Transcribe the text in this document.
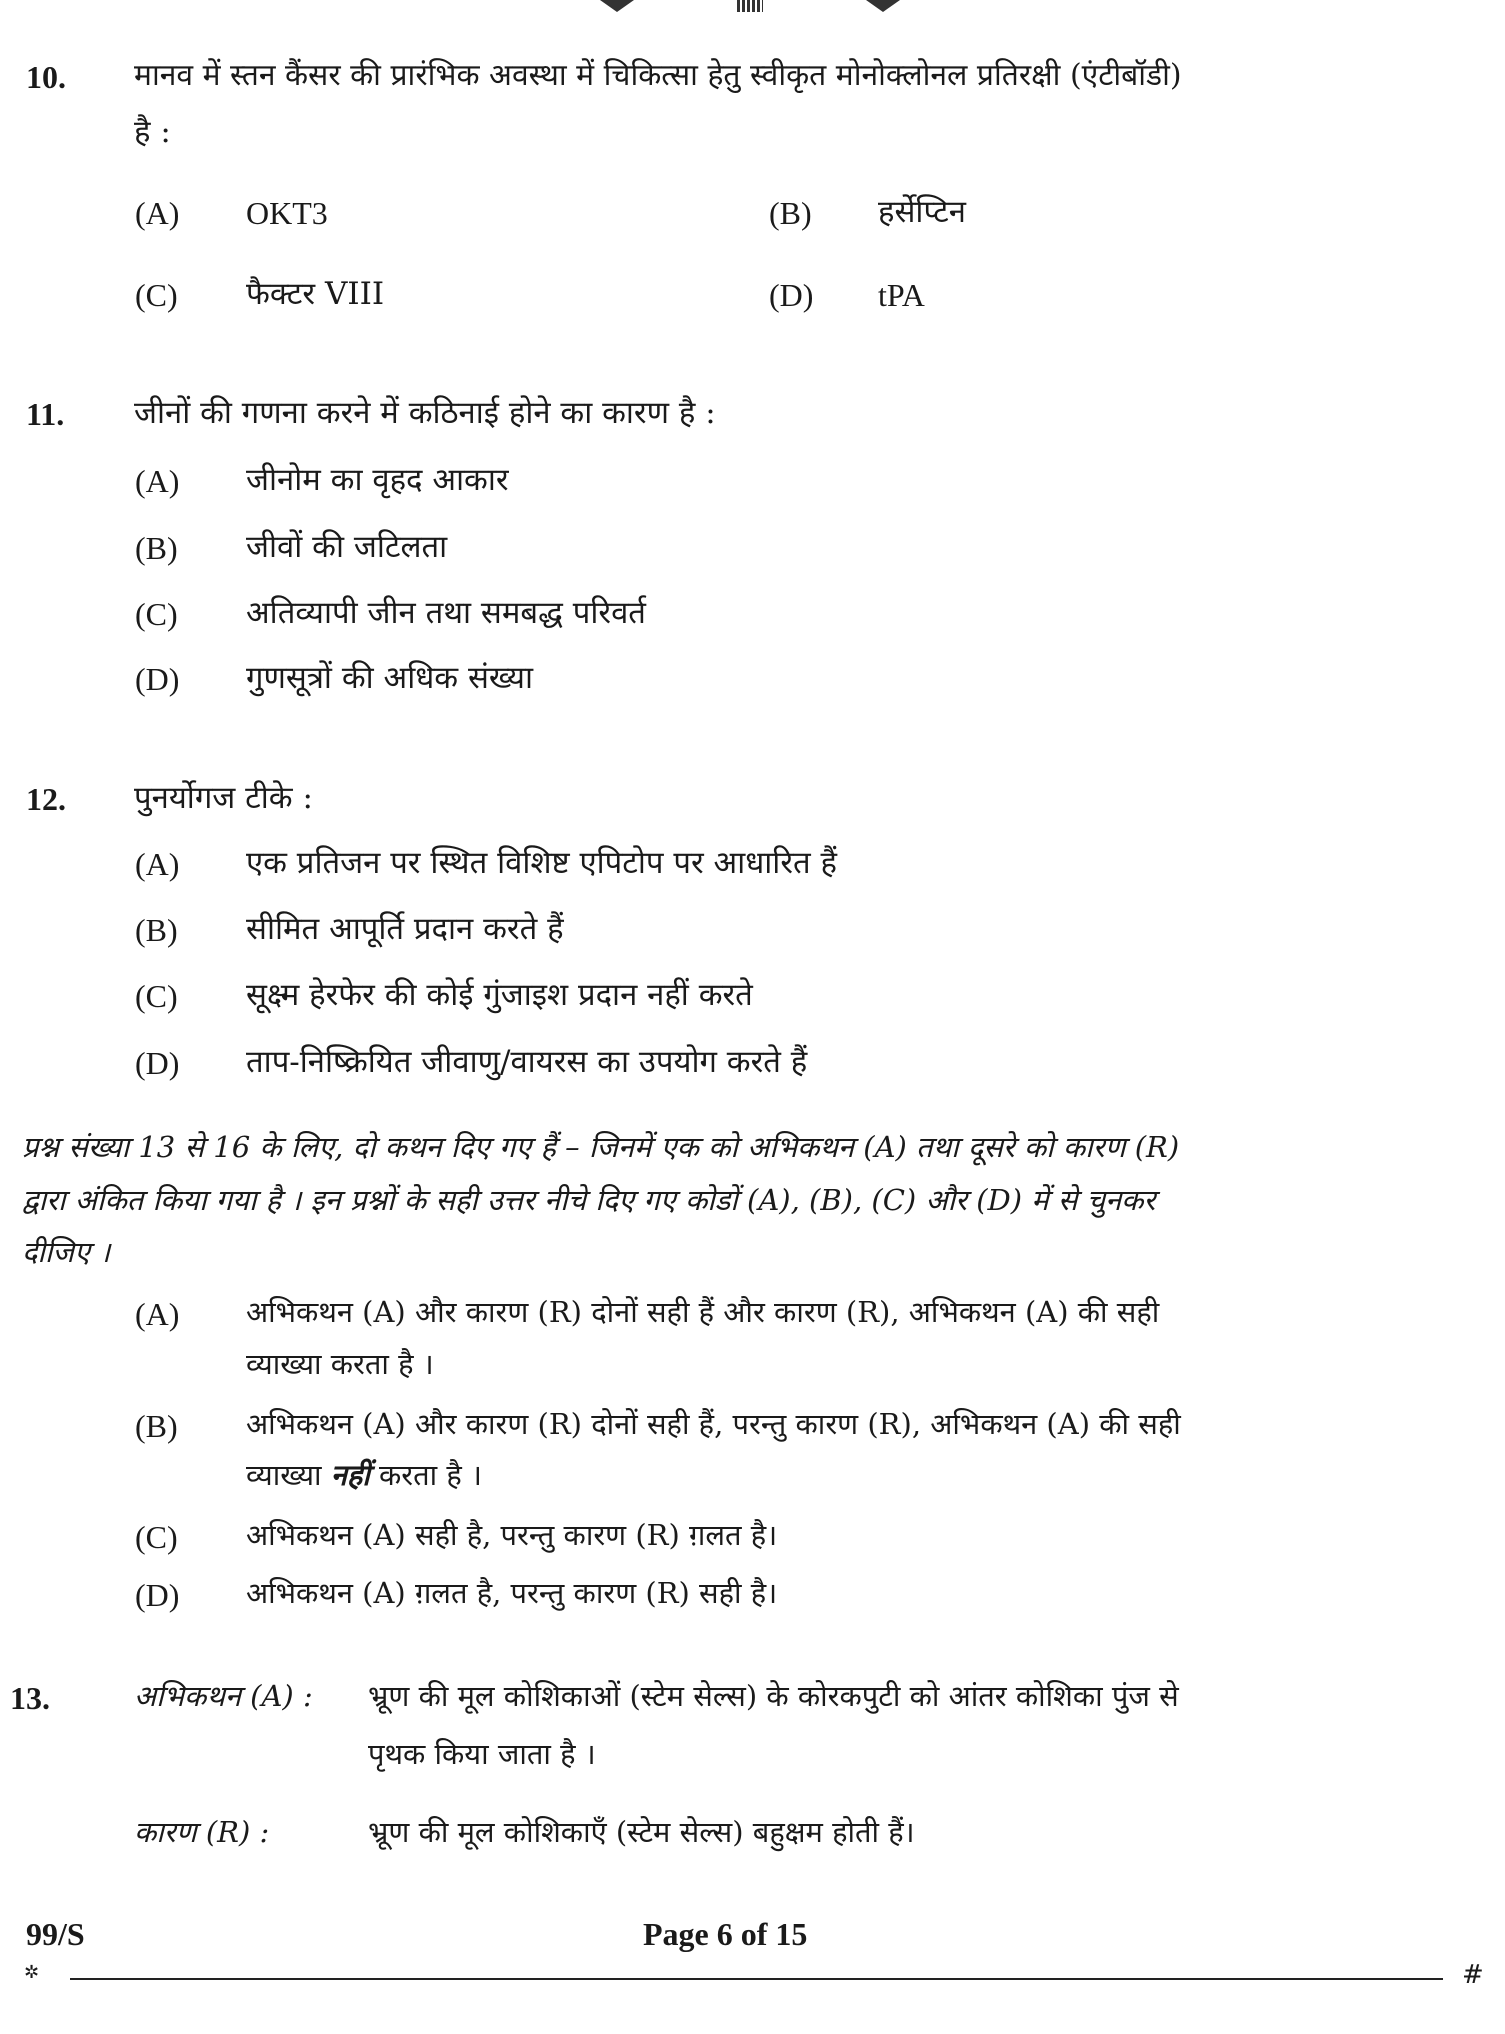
10. मानव में स्तन कैंसर की प्रारंभिक अवस्था में चिकित्सा हेतु स्वीकृत मोनोक्लोनल प्रतिरक्षी (एंटीबॉडी)
है :
(A) OKT3	(B) हर्सेप्टिन
(C) फैक्टर VIII	(D) tPA
11. जीनों की गणना करने में कठिनाई होने का कारण है :
(A) जीनोम का वृहद आकार
(B) जीवों की जटिलता
(C) अतिव्यापी जीन तथा समबद्ध परिवर्त
(D) गुणसूत्रों की अधिक संख्या
12. पुनर्योगज टीके :
(A) एक प्रतिजन पर स्थित विशिष्ट एपिटोप पर आधारित हैं
(B) सीमित आपूर्ति प्रदान करते हैं
(C) सूक्ष्म हेरफेर की कोई गुंजाइश प्रदान नहीं करते
(D) ताप-निष्क्रियित जीवाणु/वायरस का उपयोग करते हैं
प्रश्न संख्या 13 से 16 के लिए, दो कथन दिए गए हैं – जिनमें एक को अभिकथन (A) तथा दूसरे को कारण (R)
द्वारा अंकित किया गया है । इन प्रश्नों के सही उत्तर नीचे दिए गए कोडों (A), (B), (C) और (D) में से चुनकर
दीजिए ।
(A) अभिकथन (A) और कारण (R) दोनों सही हैं और कारण (R), अभिकथन (A) की सही
व्याख्या करता है ।
(B) अभिकथन (A) और कारण (R) दोनों सही हैं, परन्तु कारण (R), अभिकथन (A) की सही
व्याख्या नहीं करता है ।
(C) अभिकथन (A) सही है, परन्तु कारण (R) ग़लत है।
(D) अभिकथन (A) ग़लत है, परन्तु कारण (R) सही है।
13.	अभिकथन (A) : भ्रूण की मूल कोशिकाओं (स्टेम सेल्स) के कोरकपुटी को आंतर कोशिका पुंज से
पृथक किया जाता है ।
कारण (R) :	भ्रूण की मूल कोशिकाएँ (स्टेम सेल्स) बहुक्षम होती हैं।
99/S	Page 6 of 15
✲	#
